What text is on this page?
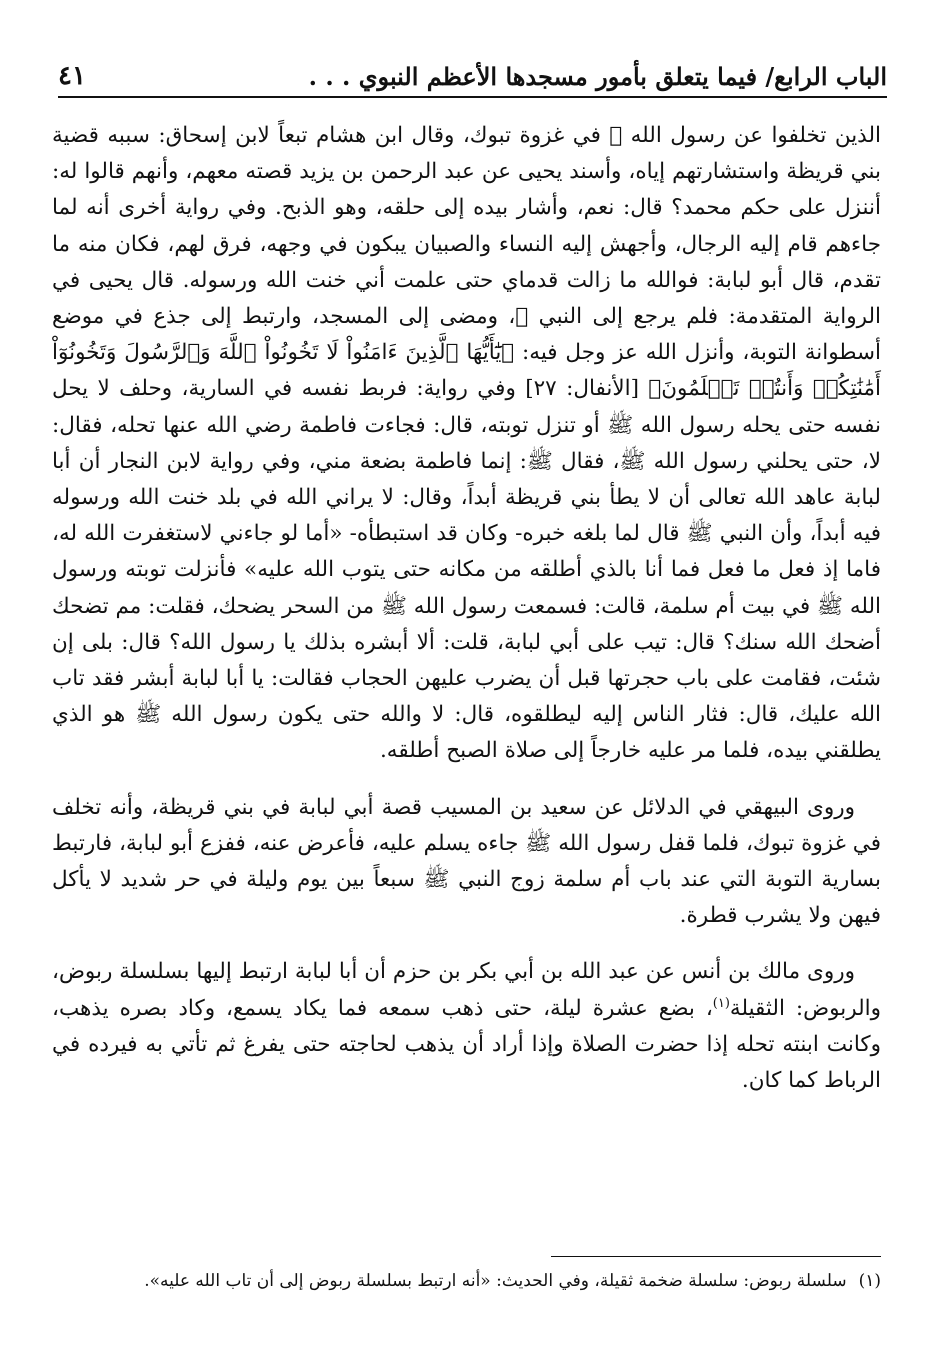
الباب الرابع/ فيما يتعلق بأمور مسجدها الأعظم النبوي . . .
٤١

الذين تخلفوا عن رسول الله ﷺ في غزوة تبوك، وقال ابن هشام تبعاً لابن إسحاق: سببه قضية بني قريظة واستشارتهم إياه، وأسند يحيى عن عبد الرحمن بن يزيد قصته معهم، وأنهم قالوا له: أننزل على حكم محمد؟ قال: نعم، وأشار بيده إلى حلقه، وهو الذبح. وفي رواية أخرى أنه لما جاءهم قام إليه الرجال، وأجهش إليه النساء والصبيان يبكون في وجهه، فرق لهم، فكان منه ما تقدم، قال أبو لبابة: فوالله ما زالت قدماي حتى علمت أني خنت الله ورسوله. قال يحيى في الرواية المتقدمة: فلم يرجع إلى النبي ﷺ، ومضى إلى المسجد، وارتبط إلى جذع في موضع أسطوانة التوبة، وأنزل الله عز وجل فيه: ﴿يَٰٓأَيُّهَا ٱلَّذِينَ ءَامَنُواْ لَا تَخُونُواْ ٱللَّهَ وَٱلرَّسُولَ وَتَخُونُوٓاْ أَمَٰنَٰتِكُمۡ وَأَنتُمۡ تَعۡلَمُونَ﴾ [الأنفال: ٢٧] وفي رواية: فربط نفسه في السارية، وحلف لا يحل نفسه حتى يحله رسول الله ﷺ أو تنزل توبته، قال: فجاءت فاطمة رضي الله عنها تحله، فقال: لا، حتى يحلني رسول الله ﷺ، فقال ﷺ: إنما فاطمة بضعة مني، وفي رواية لابن النجار أن أبا لبابة عاهد الله تعالى أن لا يطأ بني قريظة أبداً، وقال: لا يراني الله في بلد خنت الله ورسوله فيه أبداً، وأن النبي ﷺ قال لما بلغه خبره- وكان قد استبطأه- «أما لو جاءني لاستغفرت الله له، فاما إذ فعل ما فعل فما أنا بالذي أطلقه من مكانه حتى يتوب الله عليه» فأنزلت توبته ورسول الله ﷺ في بيت أم سلمة، قالت: فسمعت رسول الله ﷺ من السحر يضحك، فقلت: مم تضحك أضحك الله سنك؟ قال: تيب على أبي لبابة، قلت: ألا أبشره بذلك يا رسول الله؟ قال: بلى إن شئت، فقامت على باب حجرتها قبل أن يضرب عليهن الحجاب فقالت: يا أبا لبابة أبشر فقد تاب الله عليك، قال: فثار الناس إليه ليطلقوه، قال: لا والله حتى يكون رسول الله ﷺ هو الذي يطلقني بيده، فلما مر عليه خارجاً إلى صلاة الصبح أطلقه.

وروى البيهقي في الدلائل عن سعيد بن المسيب قصة أبي لبابة في بني قريظة، وأنه تخلف في غزوة تبوك، فلما قفل رسول الله ﷺ جاءه يسلم عليه، فأعرض عنه، ففزع أبو لبابة، فارتبط بسارية التوبة التي عند باب أم سلمة زوج النبي ﷺ سبعاً بين يوم وليلة في حر شديد لا يأكل فيهن ولا يشرب قطرة.

وروى مالك بن أنس عن عبد الله بن أبي بكر بن حزم أن أبا لبابة ارتبط إليها بسلسلة ربوض، والربوض: الثقيلة$^{(١)}$، بضع عشرة ليلة، حتى ذهب سمعه فما يكاد يسمع، وكاد بصره يذهب، وكانت ابنته تحله إذا حضرت الصلاة وإذا أراد أن يذهب لحاجته حتى يفرغ ثم تأتي به فيرده في الرباط كما كان.

(١)سلسلة ربوض: سلسلة ضخمة ثقيلة، وفي الحديث: «أنه ارتبط بسلسلة ربوض إلى أن تاب الله عليه».
